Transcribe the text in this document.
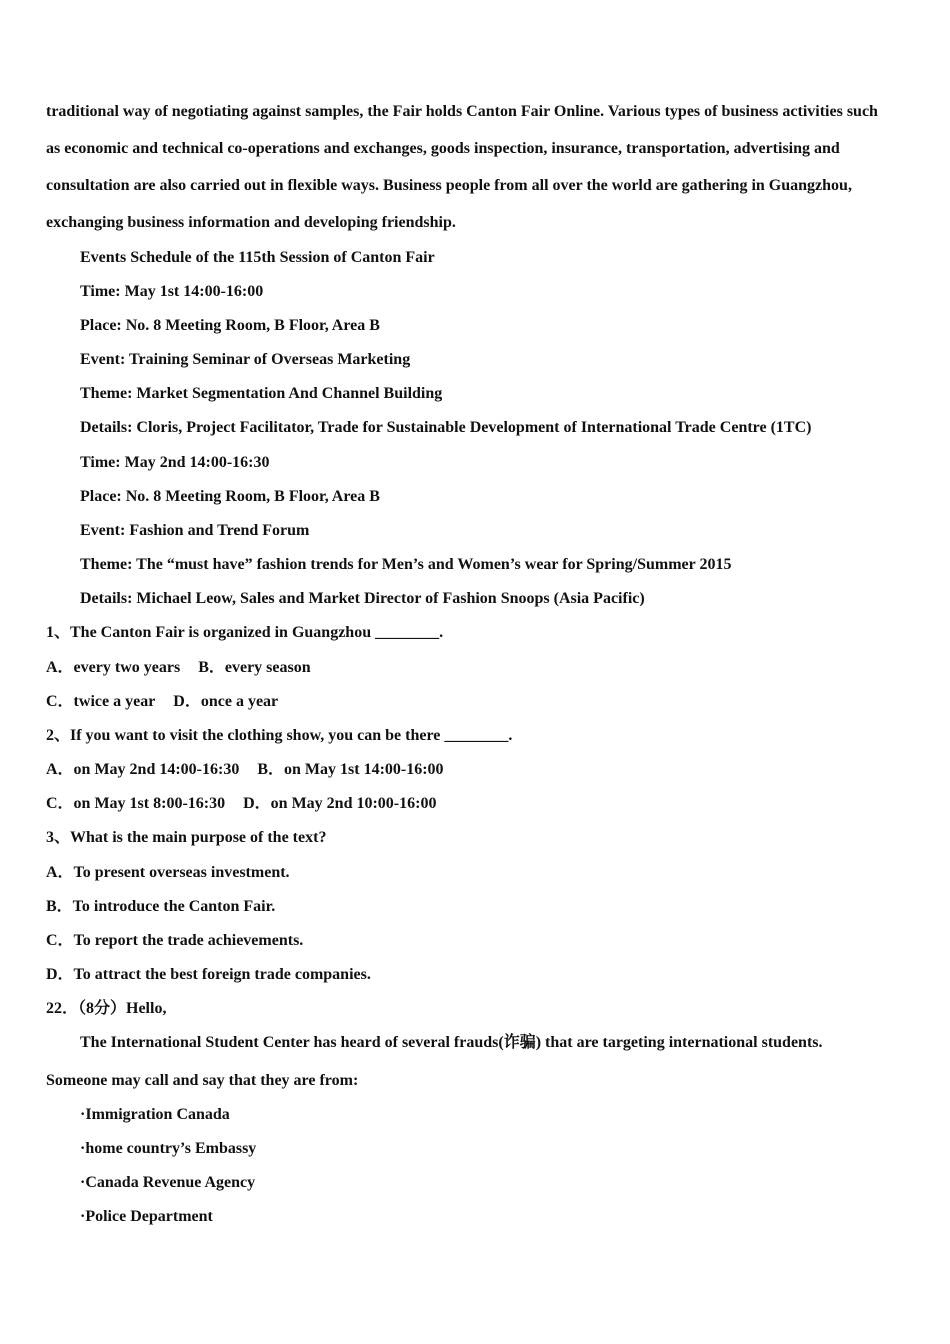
traditional way of negotiating against samples, the Fair holds Canton Fair Online. Various types of business activities such as economic and technical co-operations and exchanges, goods inspection, insurance, transportation, advertising and consultation are also carried out in flexible ways. Business people from all over the world are gathering in Guangzhou, exchanging business information and developing friendship.

Events Schedule of the 115th Session of Canton Fair
Time: May 1st 14:00-16:00
Place: No. 8 Meeting Room, B Floor, Area B
Event: Training Seminar of Overseas Marketing
Theme: Market Segmentation And Channel Building
Details: Cloris, Project Facilitator, Trade for Sustainable Development of International Trade Centre (1TC)
Time: May 2nd 14:00-16:30
Place: No. 8 Meeting Room, B Floor, Area B
Event: Fashion and Trend Forum
Theme: The “must have” fashion trends for Men’s and Women’s wear for Spring/Summer 2015
Details: Michael Leow, Sales and Market Director of Fashion Snoops (Asia Pacific)
1、The Canton Fair is organized in Guangzhou ________.
A．every two years B．every season
C．twice a year D．once a year
2、If you want to visit the clothing show, you can be there ________.
A．on May 2nd 14:00-16:30 B．on May 1st 14:00-16:00
C．on May 1st 8:00-16:30 D．on May 2nd 10:00-16:00
3、What is the main purpose of the text?
A．To present overseas investment.
B．To introduce the Canton Fair.
C．To report the trade achievements.
D．To attract the best foreign trade companies.
22．（8分）Hello,
The International Student Center has heard of several frauds(诈骗) that are targeting international students.
Someone may call and say that they are from:
·Immigration Canada
·home country’s Embassy
·Canada Revenue Agency
·Police Department
